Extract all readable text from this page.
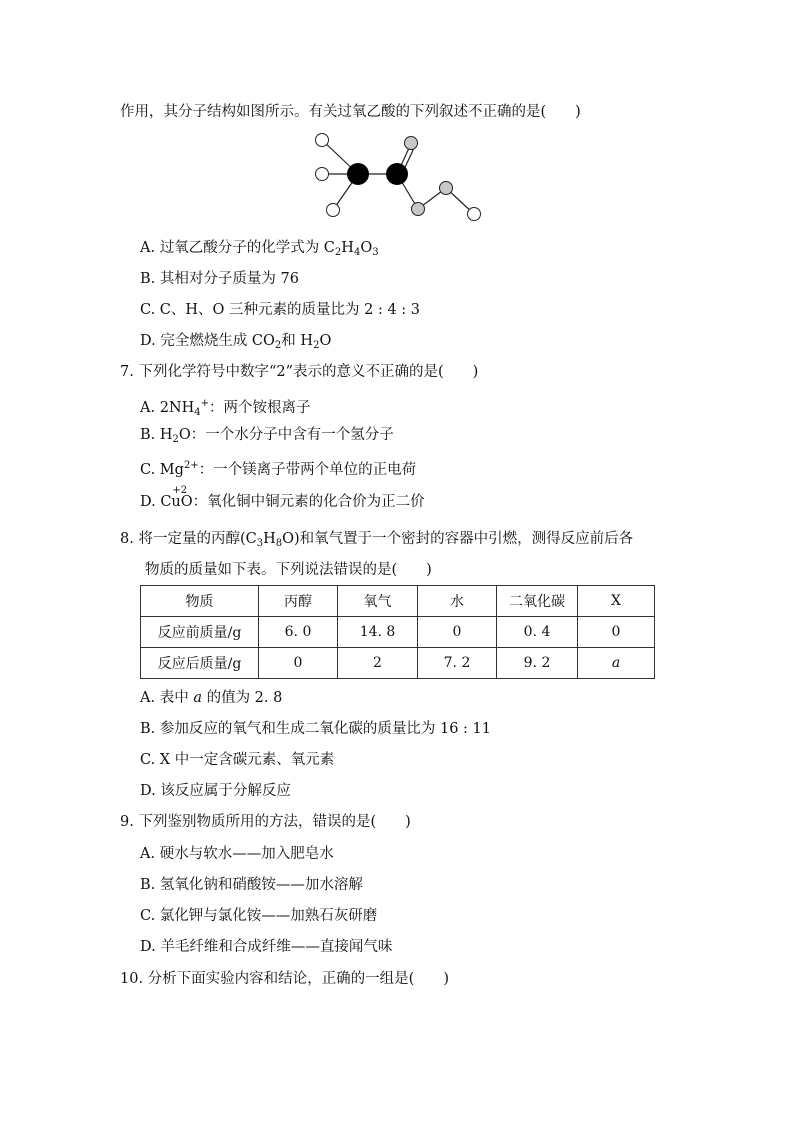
作用，其分子结构如图所示。有关过氧乙酸的下列叙述不正确的是(　　)
A. 过氧乙酸分子的化学式为 $C_2H_4O_3$
B. 其相对分子质量为 76
C. C、H、O 三种元素的质量比为 2 : 4 : 3
D. 完全燃烧生成 $CO_2$和 $H_2O$
7. 下列化学符号中数字“2”表示的意义不正确的是(　　)
A. $2NH_4^+$：两个铵根离子
B. $H_2O$：一个水分子中含有一个氢分子
C. $Mg^{2+}$：一个镁离子带两个单位的正电荷
D. C
+2
uO：氧化铜中铜元素的化合价为正二价
8. 将一定量的丙醇$(C_3H_8O)$和氧气置于一个密封的容器中引燃，测得反应前后各
物质的质量如下表。下列说法错误的是(　　)
物质	丙醇	氧气	水	二氧化碳	X
反应前质量/g	6. 0	14. 8	0	0. 4	0
反应后质量/g	0	2	7. 2	9. 2	a
A. 表中 a 的值为 2. 8
B. 参加反应的氧气和生成二氧化碳的质量比为 16 : 11
C. X 中一定含碳元素、氧元素
D. 该反应属于分解反应
9. 下列鉴别物质所用的方法，错误的是(　　)
A. 硬水与软水——加入肥皂水
B. 氢氧化钠和硝酸铵——加水溶解
C. 氯化钾与氯化铵——加熟石灰研磨
D. 羊毛纤维和合成纤维——直接闻气味
10. 分析下面实验内容和结论，正确的一组是(　　)
